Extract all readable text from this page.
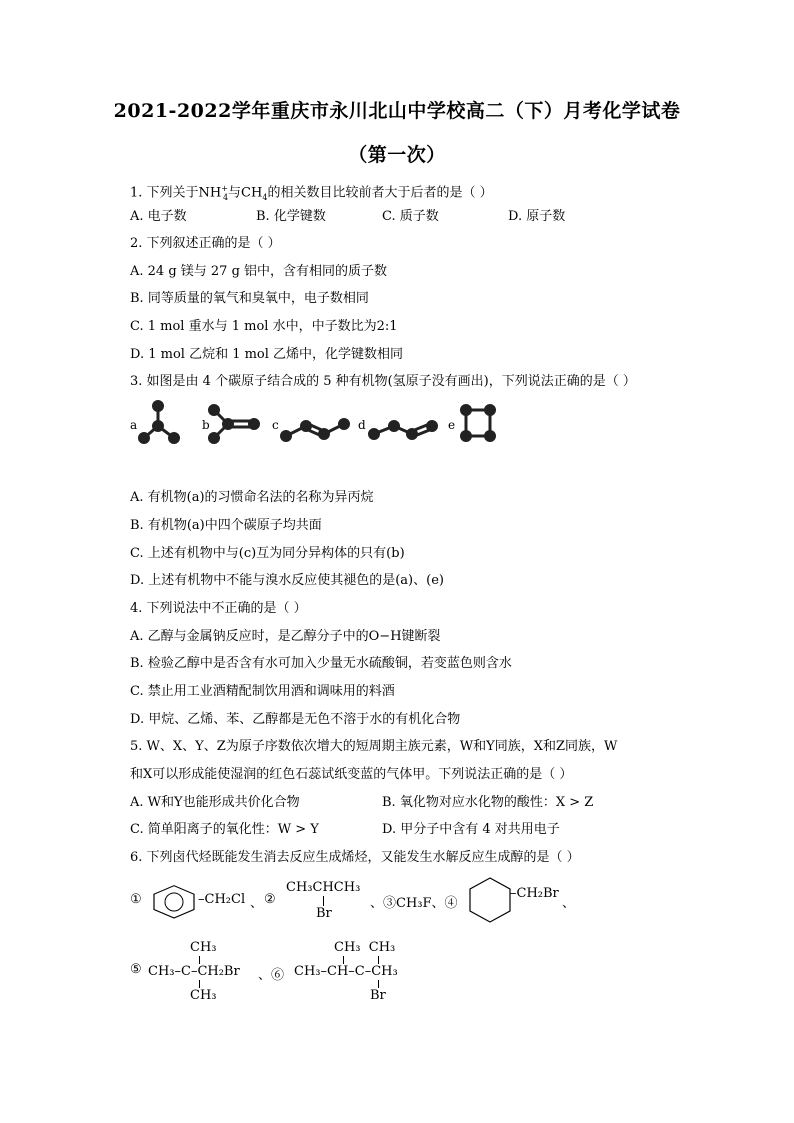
2021-2022学年重庆市永川北山中学校高二（下）月考化学试卷
（第一次）
1. 下列关于$NH^+_4$与$CH_4$的相关数目比较前者大于后者的是（ ）
A. 电子数	B. 化学键数	C. 质子数	D. 原子数
2. 下列叙述正确的是（ ）
A. 24 g 镁与 27 g 铝中，含有相同的质子数
B. 同等质量的氧气和臭氧中，电子数相同
C. 1 mol 重水与 1 mol 水中，中子数比为2:1
D. 1 mol 乙烷和 1 mol 乙烯中，化学键数相同
3. 如图是由 4 个碳原子结合成的 5 种有机物(氢原子没有画出)，下列说法正确的是（ ）
a	b	c	d	e
A. 有机物(a)的习惯命名法的名称为异丙烷
B. 有机物(a)中四个碳原子均共面
C. 上述有机物中与(c)互为同分异构体的只有(b)
D. 上述有机物中不能与溴水反应使其褪色的是(a)、(e)
4. 下列说法中不正确的是（ ）
A. 乙醇与金属钠反应时，是乙醇分子中的O−H键断裂
B. 检验乙醇中是否含有水可加入少量无水硫酸铜，若变蓝色则含水
C. 禁止用工业酒精配制饮用酒和调味用的料酒
D. 甲烷、乙烯、苯、乙醇都是无色不溶于水的有机化合物
5. W、X、Y、Z为原子序数依次增大的短周期主族元素，W和Y同族，X和Z同族，W
和X可以形成能使湿润的红色石蕊试纸变蓝的气体甲。下列说法正确的是（ ）
A. W和Y也能形成共价化合物	B. 氧化物对应水化物的酸性：X > Z
C. 简单阳离子的氧化性：W > Y	D. 甲分子中含有 4 对共用电子
6. 下列卤代烃既能发生消去反应生成烯烃，又能发生水解反应生成醇的是（ ）
①	–CH₂Cl 、 ②
CH₃CHCH₃
Br
、③CH₃F、④
–CH₂Br
、
⑤
CH₃
CH₃–C–CH₂Br
CH₃
、⑥
CH₃  CH₃
CH₃–CH–C–CH₃
Br
